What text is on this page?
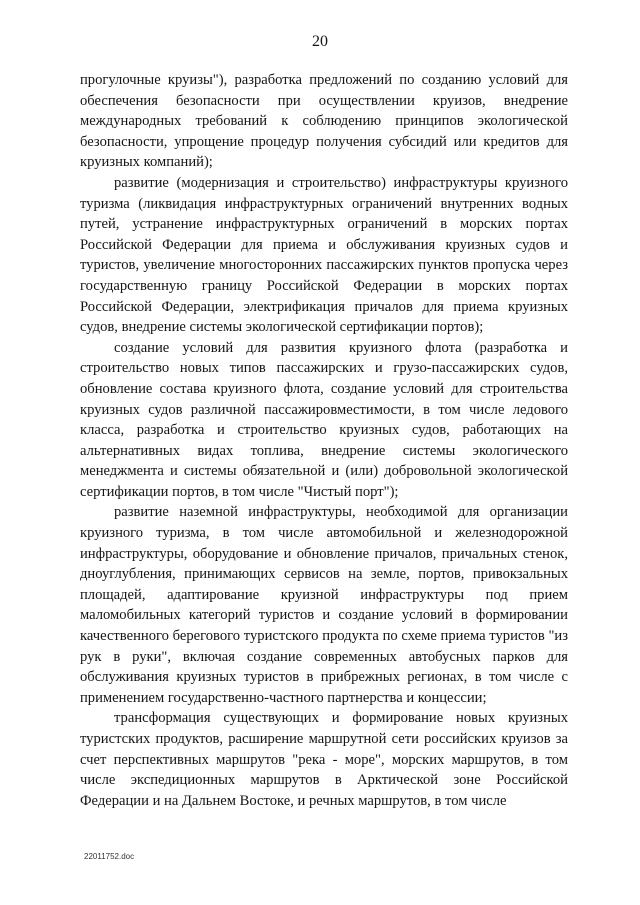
20

прогулочные круизы"), разработка предложений по созданию условий для обеспечения безопасности при осуществлении круизов, внедрение международных требований к соблюдению принципов экологической безопасности, упрощение процедур получения субсидий или кредитов для круизных компаний);

развитие (модернизация и строительство) инфраструктуры круизного туризма (ликвидация инфраструктурных ограничений внутренних водных путей, устранение инфраструктурных ограничений в морских портах Российской Федерации для приема и обслуживания круизных судов и туристов, увеличение многосторонних пассажирских пунктов пропуска через государственную границу Российской Федерации в морских портах Российской Федерации, электрификация причалов для приема круизных судов, внедрение системы экологической сертификации портов);

создание условий для развития круизного флота (разработка и строительство новых типов пассажирских и грузо-пассажирских судов, обновление состава круизного флота, создание условий для строительства круизных судов различной пассажировместимости, в том числе ледового класса, разработка и строительство круизных судов, работающих на альтернативных видах топлива, внедрение системы экологического менеджмента и системы обязательной и (или) добровольной экологической сертификации портов, в том числе "Чистый порт");

развитие наземной инфраструктуры, необходимой для организации круизного туризма, в том числе автомобильной и железнодорожной инфраструктуры, оборудование и обновление причалов, причальных стенок, дноуглубления, принимающих сервисов на земле, портов, привокзальных площадей, адаптирование круизной инфраструктуры под прием маломобильных категорий туристов и создание условий в формировании качественного берегового туристского продукта по схеме приема туристов "из рук в руки", включая создание современных автобусных парков для обслуживания круизных туристов в прибрежных регионах, в том числе с применением государственно-частного партнерства и концессии;

трансформация существующих и формирование новых круизных туристских продуктов, расширение маршрутной сети российских круизов за счет перспективных маршрутов "река - море", морских маршрутов, в том числе экспедиционных маршрутов в Арктической зоне Российской Федерации и на Дальнем Востоке, и речных маршрутов, в том числе

22011752.doc
